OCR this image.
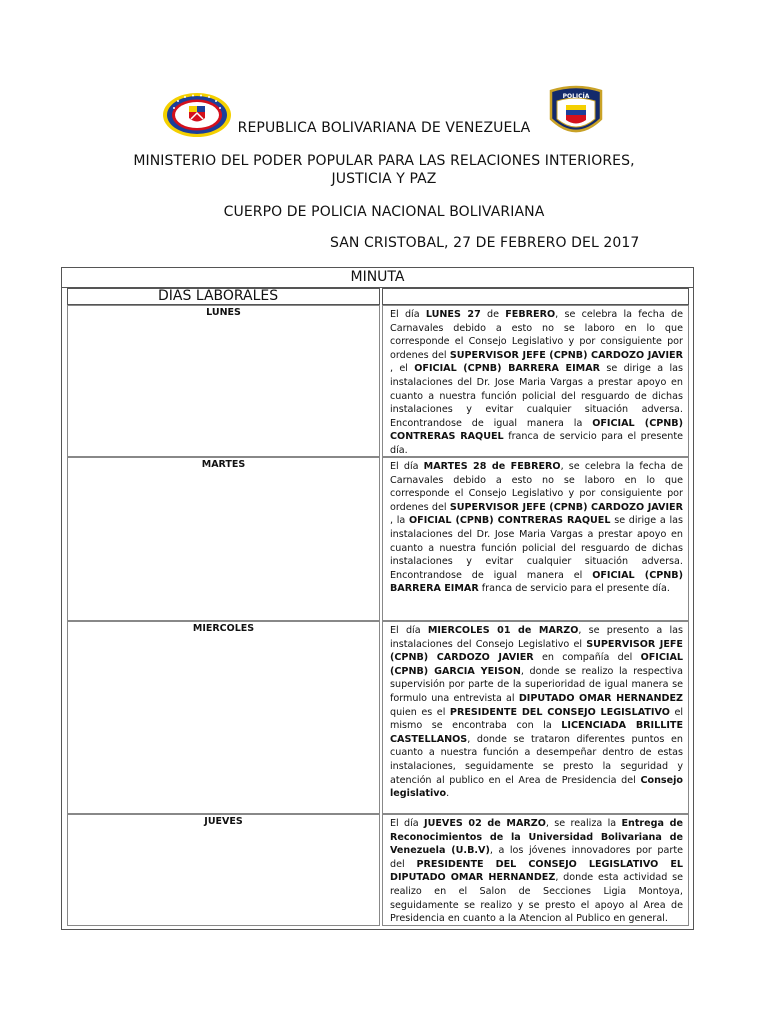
POLICÍA
REPUBLICA BOLIVARIANA DE VENEZUELA
MINISTERIO DEL PODER POPULAR PARA LAS RELACIONES INTERIORES,
JUSTICIA Y PAZ
CUERPO DE POLICIA NACIONAL BOLIVARIANA
SAN CRISTOBAL, 27 DE FEBRERO DEL 2017
MINUTA
DIAS LABORALES
LUNES	El día LUNES 27 de FEBRERO, se celebra la fecha de Carnavales debido a esto no se laboro en lo que corresponde el Consejo Legislativo y por consiguiente por ordenes del SUPERVISOR JEFE (CPNB) CARDOZO JAVIER , el OFICIAL (CPNB) BARRERA EIMAR se dirige a las instalaciones del Dr. Jose Maria Vargas a prestar apoyo en cuanto a nuestra función policial del resguardo de dichas instalaciones y evitar cualquier situación adversa. Encontrandose de igual manera la OFICIAL (CPNB) CONTRERAS RAQUEL franca de servicio para el presente día.
MARTES	El día MARTES 28 de FEBRERO, se celebra la fecha de Carnavales debido a esto no se laboro en lo que corresponde el Consejo Legislativo y por consiguiente por ordenes del SUPERVISOR JEFE (CPNB) CARDOZO JAVIER , la OFICIAL (CPNB) CONTRERAS RAQUEL se dirige a las instalaciones del Dr. Jose Maria Vargas a prestar apoyo en cuanto a nuestra función policial del resguardo de dichas instalaciones y evitar cualquier situación adversa. Encontrandose de igual manera el OFICIAL (CPNB) BARRERA EIMAR franca de servicio para el presente día.
MIERCOLES	El día MIERCOLES 01 de MARZO, se presento a las instalaciones del Consejo Legislativo el SUPERVISOR JEFE (CPNB) CARDOZO JAVIER en compañía del OFICIAL (CPNB) GARCIA YEISON, donde se realizo la respectiva supervisión por parte de la superioridad de igual manera se formulo una entrevista al DIPUTADO OMAR HERNANDEZ quien es el PRESIDENTE DEL CONSEJO LEGISLATIVO el mismo se encontraba con la LICENCIADA BRILLITE CASTELLANOS, donde se trataron diferentes puntos en cuanto a nuestra función a desempeñar dentro de estas instalaciones, seguidamente se presto la seguridad y atención al publico en el Area de Presidencia del Consejo legislativo.
JUEVES	El día JUEVES 02 de MARZO, se realiza la Entrega de Reconocimientos de la Universidad Bolivariana de Venezuela (U.B.V), a los jóvenes innovadores por parte del PRESIDENTE DEL CONSEJO LEGISLATIVO EL DIPUTADO OMAR HERNANDEZ, donde esta actividad se realizo en el Salon de Secciones Ligia Montoya, seguidamente se realizo y se presto el apoyo al Area de Presidencia en cuanto a la Atencion al Publico en general.
